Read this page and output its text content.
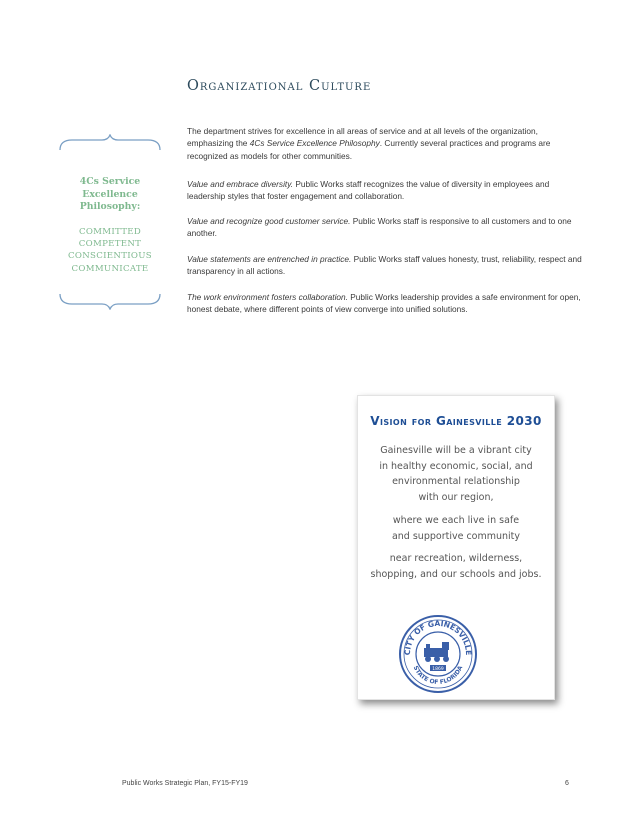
Organizational Culture

The department strives for excellence in all areas of service and at all levels of the organization, emphasizing the 4Cs Service Excellence Philosophy. Currently several practices and programs are recognized as models for other communities.

Value and embrace diversity. Public Works staff recognizes the value of diversity in employees and leadership styles that foster engagement and collaboration.

Value and recognize good customer service. Public Works staff is responsive to all customers and to one another.

Value statements are entrenched in practice. Public Works staff values honesty, trust, reliability, respect and transparency in all actions.

The work environment fosters collaboration. Public Works leadership provides a safe environment for open, honest debate, where different points of view converge into unified solutions.

4Cs Service
Excellence
Philosophy:
COMMITTED
COMPETENT
CONSCIENTIOUS
COMMUNICATE
Vision for Gainesville 2030
Gainesville will be a vibrant city
in healthy economic, social, and
environmental relationship
with our region,
where we each live in safe
and supportive community
near recreation, wilderness,
shopping, and our schools and jobs.
CITY OF GAINESVILLE
STATE OF FLORIDA
1869
Public Works Strategic Plan, FY15-FY19	6
